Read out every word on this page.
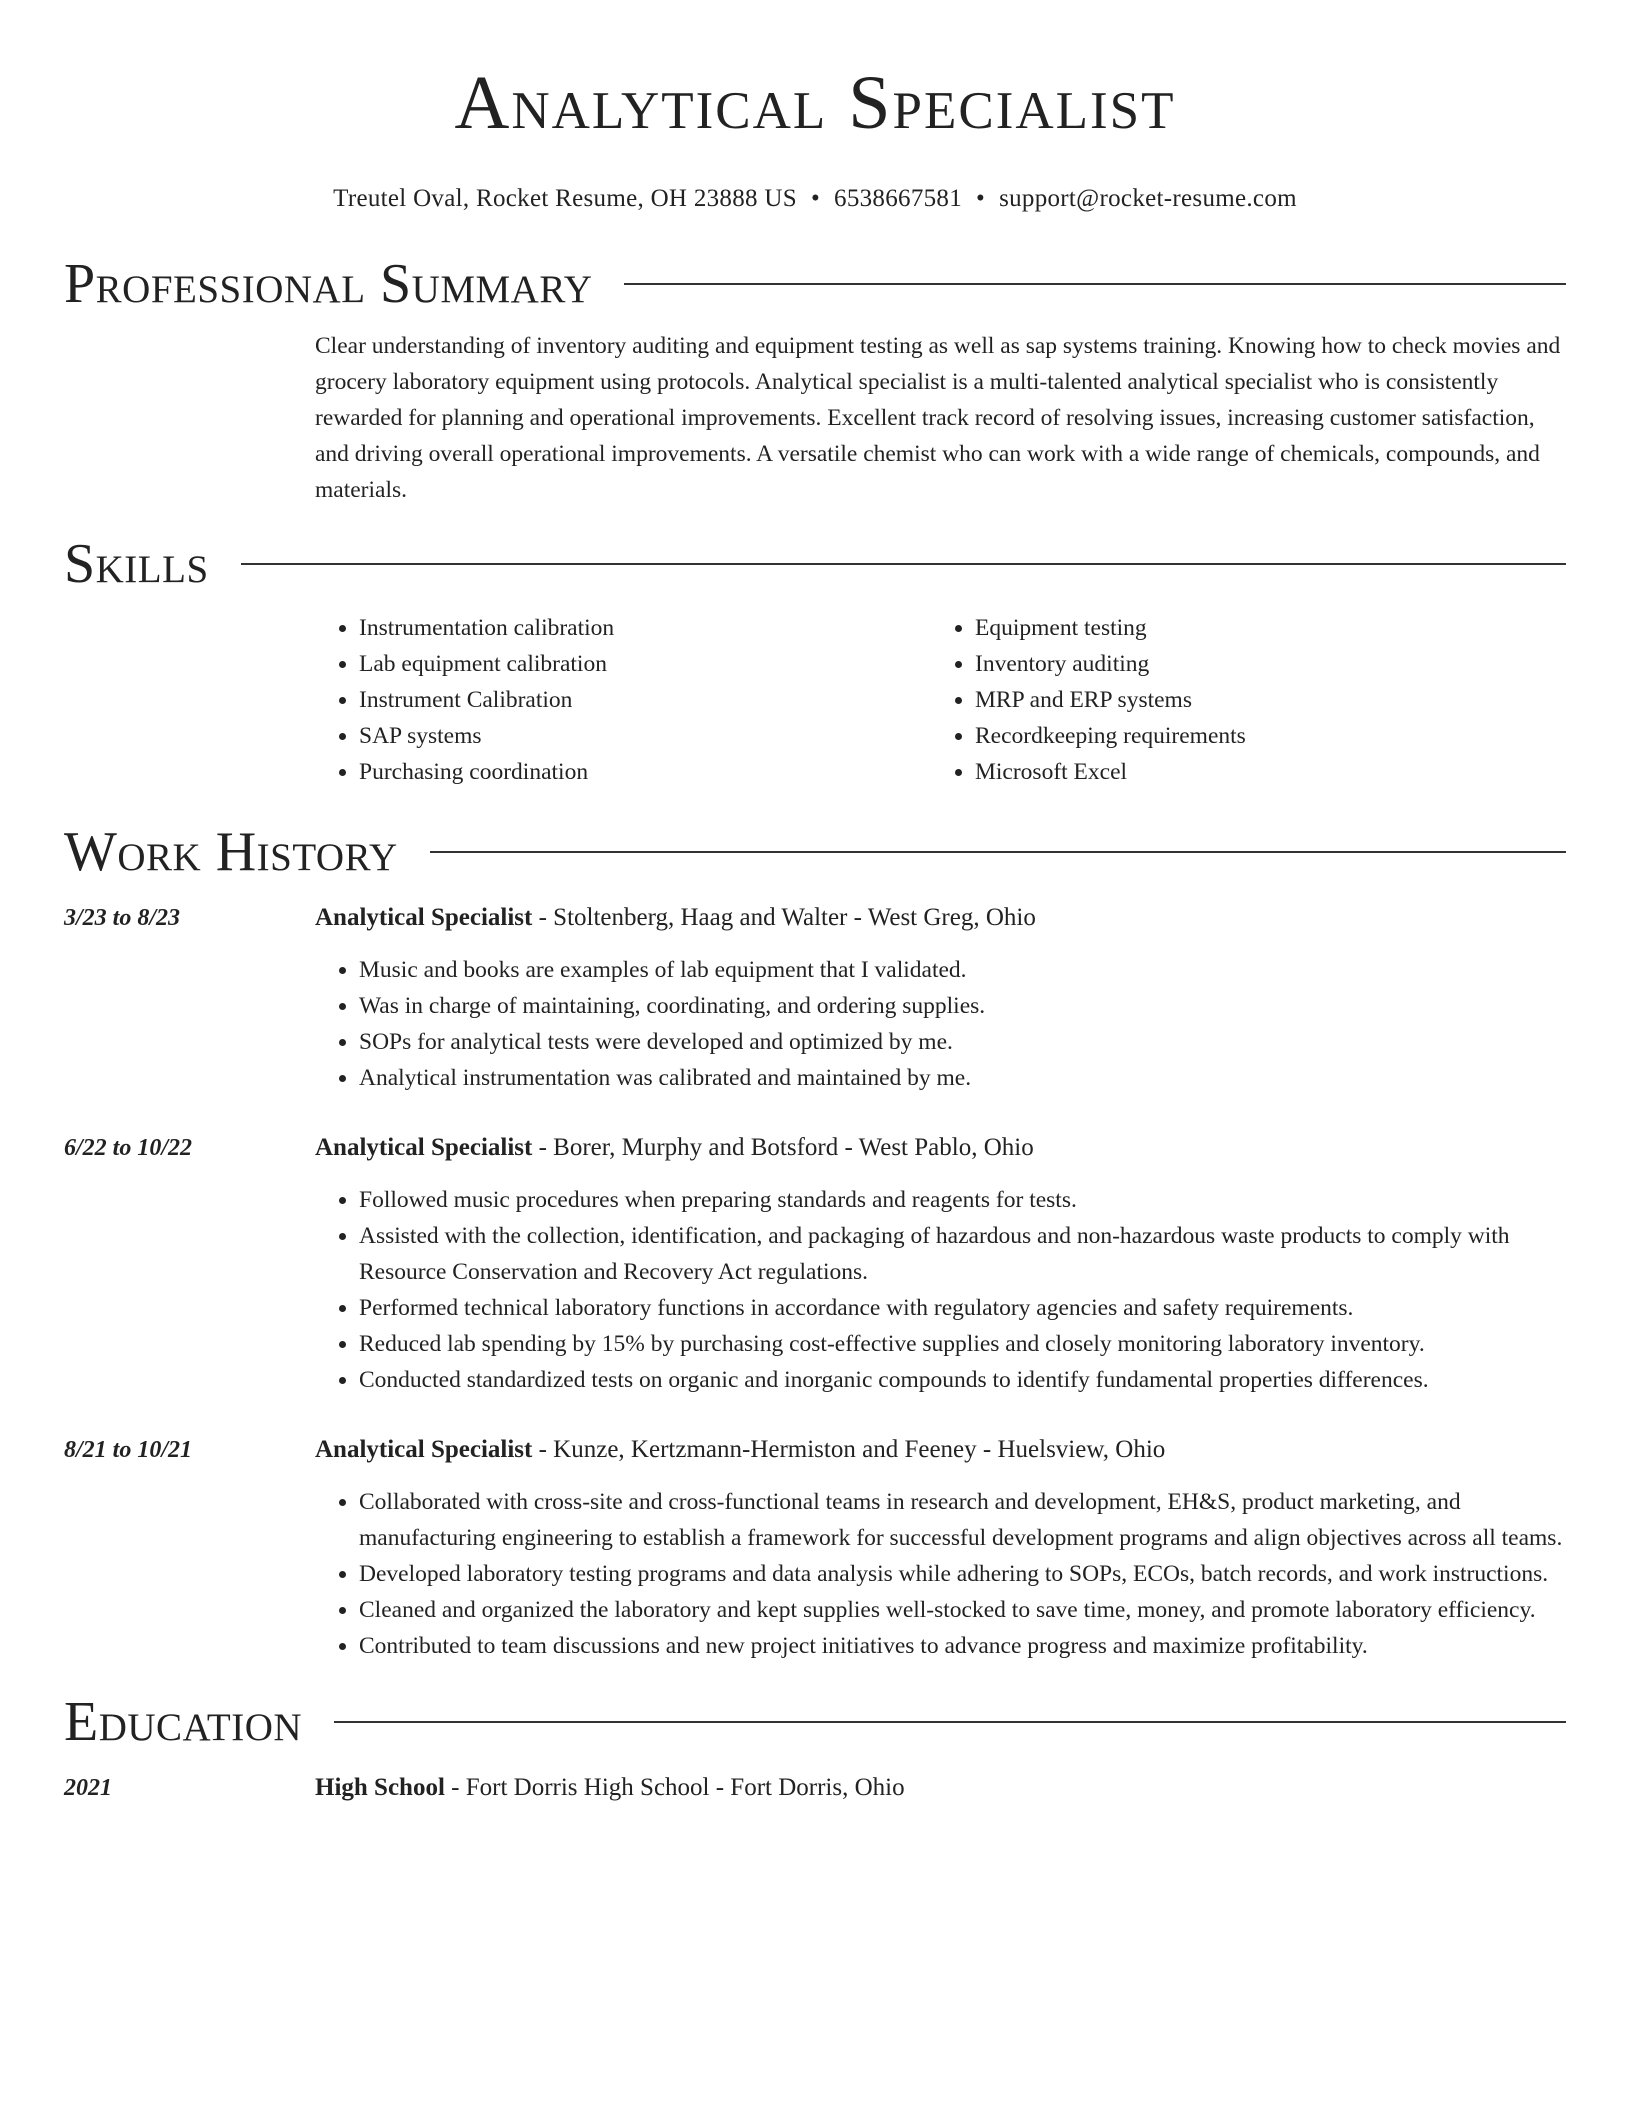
Analytical Specialist
Treutel Oval, Rocket Resume, OH 23888 US • 6538667581 • support@rocket-resume.com
Professional Summary
Clear understanding of inventory auditing and equipment testing as well as sap systems training. Knowing how to check movies and grocery laboratory equipment using protocols. Analytical specialist is a multi-talented analytical specialist who is consistently rewarded for planning and operational improvements. Excellent track record of resolving issues, increasing customer satisfaction, and driving overall operational improvements. A versatile chemist who can work with a wide range of chemicals, compounds, and materials.
Skills
• Instrumentation calibration
• Lab equipment calibration
• Instrument Calibration
• SAP systems
• Purchasing coordination
• Equipment testing
• Inventory auditing
• MRP and ERP systems
• Recordkeeping requirements
• Microsoft Excel
Work History
3/23 to 8/23	Analytical Specialist - Stoltenberg, Haag and Walter - West Greg, Ohio
• Music and books are examples of lab equipment that I validated.
• Was in charge of maintaining, coordinating, and ordering supplies.
• SOPs for analytical tests were developed and optimized by me.
• Analytical instrumentation was calibrated and maintained by me.
6/22 to 10/22	Analytical Specialist - Borer, Murphy and Botsford - West Pablo, Ohio
• Followed music procedures when preparing standards and reagents for tests.
• Assisted with the collection, identification, and packaging of hazardous and non-hazardous waste products to comply with Resource Conservation and Recovery Act regulations.
• Performed technical laboratory functions in accordance with regulatory agencies and safety requirements.
• Reduced lab spending by 15% by purchasing cost-effective supplies and closely monitoring laboratory inventory.
• Conducted standardized tests on organic and inorganic compounds to identify fundamental properties differences.
8/21 to 10/21	Analytical Specialist - Kunze, Kertzmann-Hermiston and Feeney - Huelsview, Ohio
• Collaborated with cross-site and cross-functional teams in research and development, EH&S, product marketing, and manufacturing engineering to establish a framework for successful development programs and align objectives across all teams.
• Developed laboratory testing programs and data analysis while adhering to SOPs, ECOs, batch records, and work instructions.
• Cleaned and organized the laboratory and kept supplies well-stocked to save time, money, and promote laboratory efficiency.
• Contributed to team discussions and new project initiatives to advance progress and maximize profitability.
Education
2021	High School - Fort Dorris High School - Fort Dorris, Ohio
